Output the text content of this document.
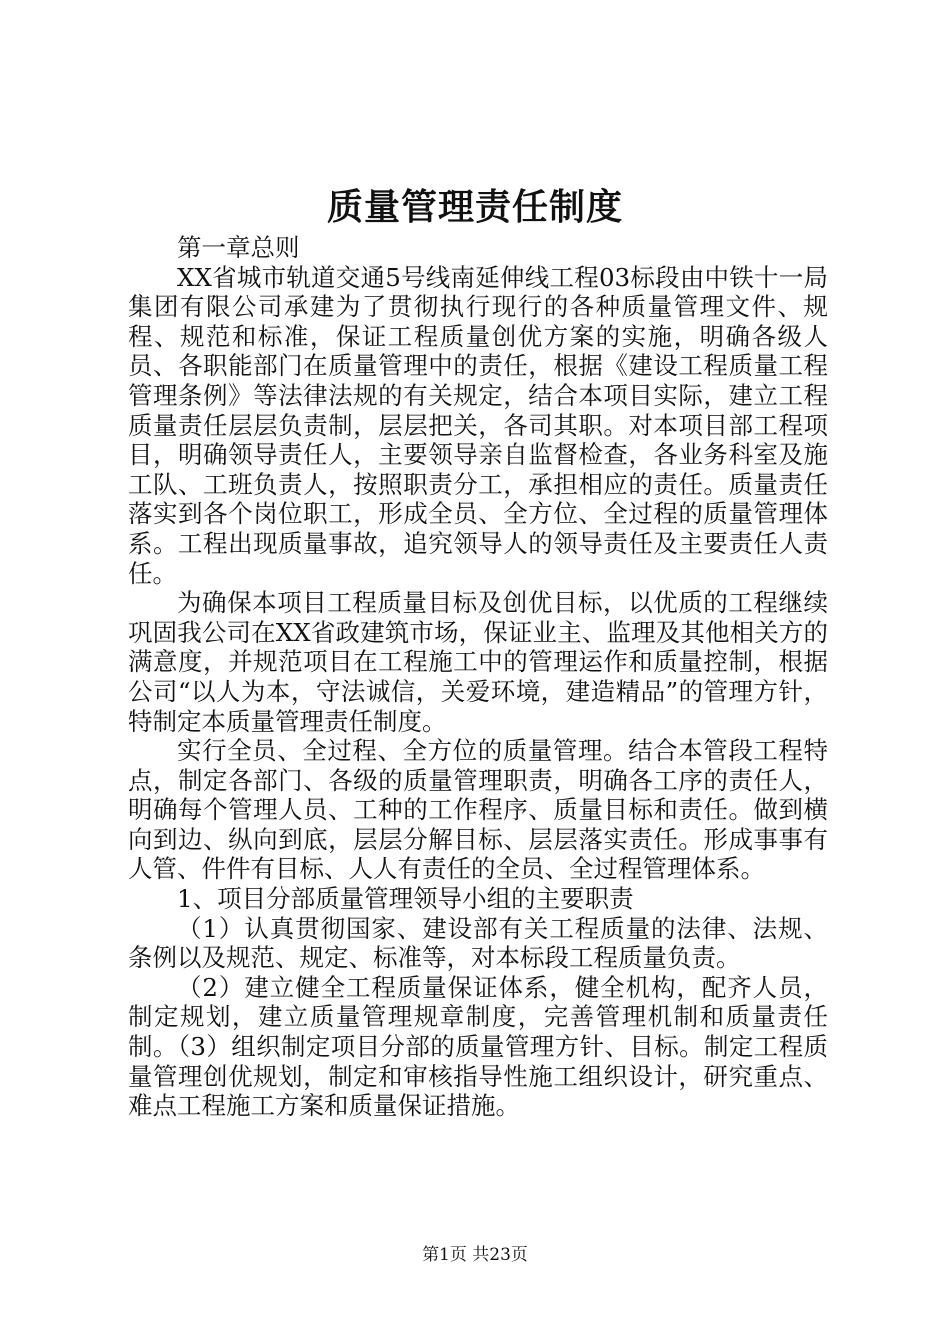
质量管理责任制度

第一章总则

XX省城市轨道交通5号线南延伸线工程03标段由中铁十一局集团有限公司承建为了贯彻执行现行的各种质量管理文件、规程、规范和标准，保证工程质量创优方案的实施，明确各级人员、各职能部门在质量管理中的责任，根据《建设工程质量工程管理条例》等法律法规的有关规定，结合本项目实际，建立工程质量责任层层负责制，层层把关，各司其职。对本项目部工程项目，明确领导责任人，主要领导亲自监督检查，各业务科室及施工队、工班负责人，按照职责分工，承担相应的责任。质量责任落实到各个岗位职工，形成全员、全方位、全过程的质量管理体系。工程出现质量事故，追究领导人的领导责任及主要责任人责任。

为确保本项目工程质量目标及创优目标，以优质的工程继续巩固我公司在XX省政建筑市场，保证业主、监理及其他相关方的满意度，并规范项目在工程施工中的管理运作和质量控制，根据公司“以人为本，守法诚信，关爱环境，建造精品”的管理方针，特制定本质量管理责任制度。

实行全员、全过程、全方位的质量管理。结合本管段工程特点，制定各部门、各级的质量管理职责，明确各工序的责任人，明确每个管理人员、工种的工作程序、质量目标和责任。做到横向到边、纵向到底，层层分解目标、层层落实责任。形成事事有人管、件件有目标、人人有责任的全员、全过程管理体系。

1、项目分部质量管理领导小组的主要职责

（1）认真贯彻国家、建设部有关工程质量的法律、法规、条例以及规范、规定、标准等，对本标段工程质量负责。

（2）建立健全工程质量保证体系，健全机构，配齐人员，制定规划，建立质量管理规章制度，完善管理机制和质量责任制。（3）组织制定项目分部的质量管理方针、目标。制定工程质量管理创优规划，制定和审核指导性施工组织设计，研究重点、难点工程施工方案和质量保证措施。

第1页 共23页
